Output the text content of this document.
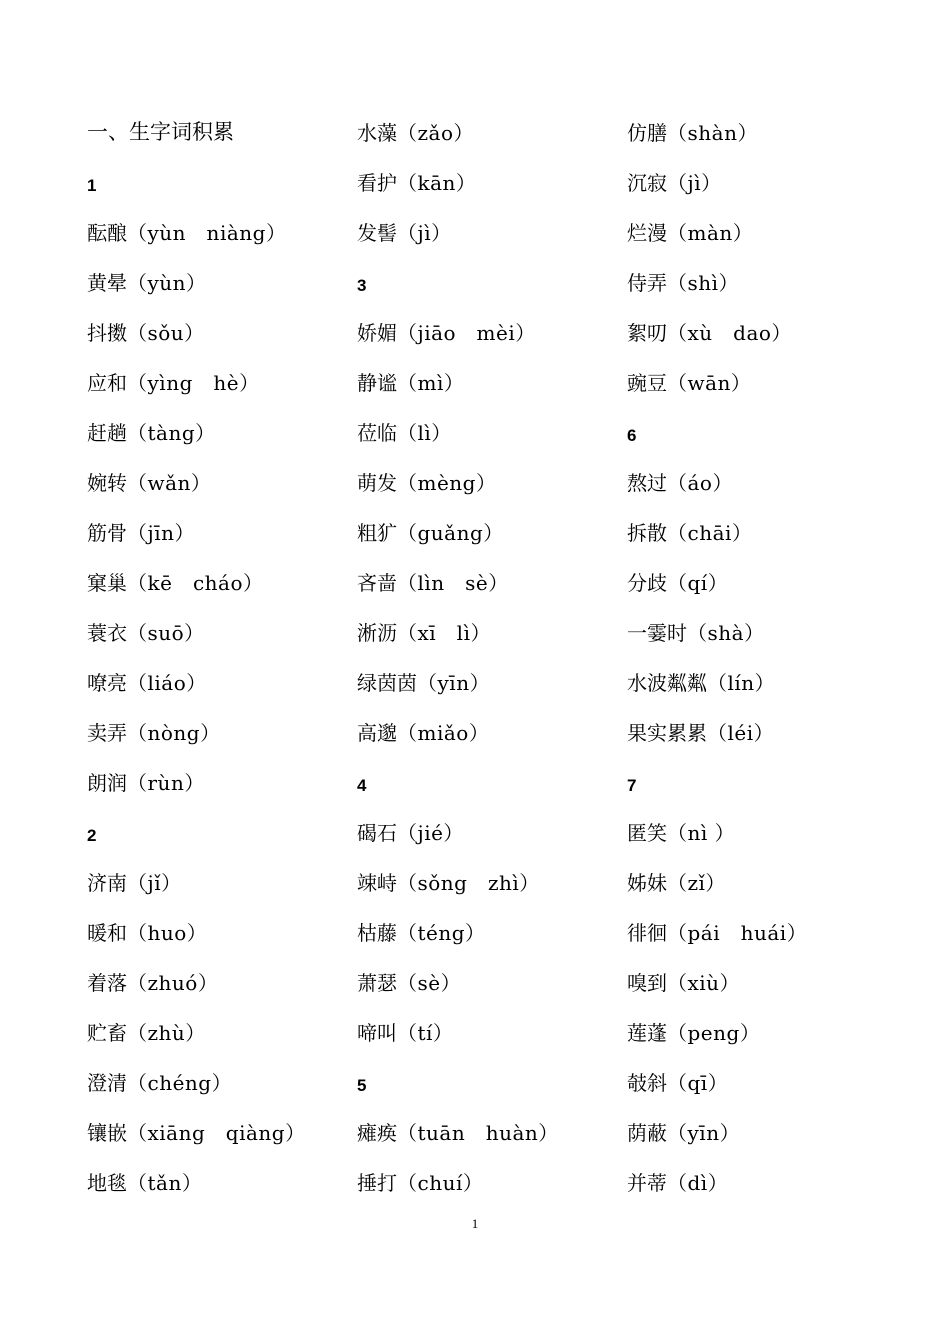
一、生字词积累
1
酝酿 （yùn　niàng）
黄晕 （yùn）
抖擞 （sǒu）
应和 （yìng　hè）
赶趟 （tàng）
婉转 （wǎn）
筋骨 （jīn）
窠巢 （kē　cháo）
蓑衣 （suō）
嘹亮 （liáo）
卖弄 （nòng）
朗润 （rùn）
2
济南 （jǐ）
暖和 （huo）
着落 （zhuó）
贮畜 （zhù）
澄清 （chéng）
镶嵌 （xiāng　qiàng）
地毯 （tǎn）
水藻 （zǎo）
看护 （kān）
发髻 （jì）
3
娇媚 （jiāo　mèi）
静谧 （mì）
莅临 （lì）
萌发 （mèng）
粗犷 （guǎng）
吝啬 （lìn　sè）
淅沥 （xī　lì）
绿茵茵 （yīn）
高邈 （miǎo）
4
碣石 （jié）
竦峙 （sǒng　zhì）
枯藤 （téng）
萧瑟 （sè）
啼叫 （tí）
5
瘫痪 （tuān　huàn）
捶打 （chuí）
仿膳 （shàn）
沉寂 （jì）
烂漫 （màn）
侍弄 （shì）
絮叨 （xù　dao）
豌豆 （wān）
6
熬过 （áo）
拆散 （chāi）
分歧 （qí）
一霎时 （shà）
水波粼粼 （lín）
果实累累 （léi）
7
匿笑 （nì ）
姊妹 （zǐ）
徘徊 （pái　huái）
嗅到 （xiù）
莲蓬 （peng）
攲斜 （qī）
荫蔽 （yīn）
并蒂 （dì）
1
